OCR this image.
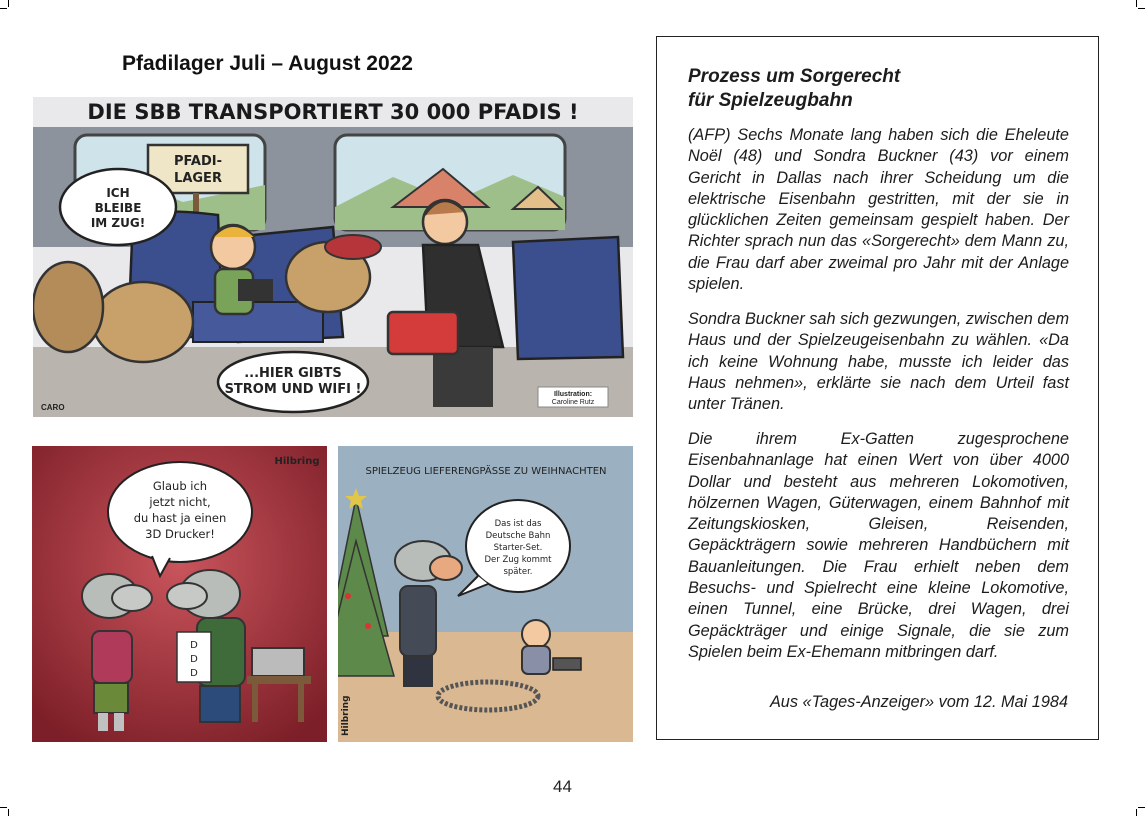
Pfadilager Juli – August 2022
PFADI-
LAGER
ICH
BLEIBE
IM ZUG!
...HIER GIBTS
STROM UND WIFI !	Illustration:
Caroline Rutz
CARO
DIE SBB TRANSPORTIERT 30 000 PFADIS !
Glaub ich
jetzt nicht,
du hast ja einen
3D Drucker!
D
D
D
Hilbring
SPIELZEUG LIEFERENGPÄSSE ZU WEIHNACHTEN
Das ist das
Deutsche Bahn
Starter-Set.
Der Zug kommt
später.
Hilbring
Prozess um Sorgerecht
für Spielzeugbahn
(AFP) Sechs Monate lang haben sich die Eheleute Noël (48) und Sondra Buckner (43) vor einem Gericht in Dallas nach ihrer Scheidung um die elektrische Eisenbahn gestritten, mit der sie in glücklichen Zeiten gemeinsam gespielt haben. Der Richter sprach nun das «Sorgerecht» dem Mann zu, die Frau darf aber zweimal pro Jahr mit der Anlage spielen.
Sondra Buckner sah sich gezwungen, zwischen dem Haus und der Spielzeugeisenbahn zu wählen. «Da ich keine Wohnung habe, musste ich leider das Haus nehmen», erklärte sie nach dem Urteil fast unter Tränen.
Die ihrem Ex-Gatten zugesprochene Eisenbahnanlage hat einen Wert von über 4000 Dollar und besteht aus mehreren Lokomotiven, hölzernen Wagen, Güterwagen, einem Bahnhof mit Zeitungskiosken, Gleisen, Reisenden, Gepäckträgern sowie mehreren Handbüchern mit Bauanleitungen. Die Frau erhielt neben dem Besuchs- und Spielrecht eine kleine Lokomotive, einen Tunnel, eine Brücke, drei Wagen, drei Gepäckträger und einige Signale, die sie zum Spielen beim Ex-Ehemann mitbringen darf.
Aus «Tages-Anzeiger» vom 12. Mai 1984
44
